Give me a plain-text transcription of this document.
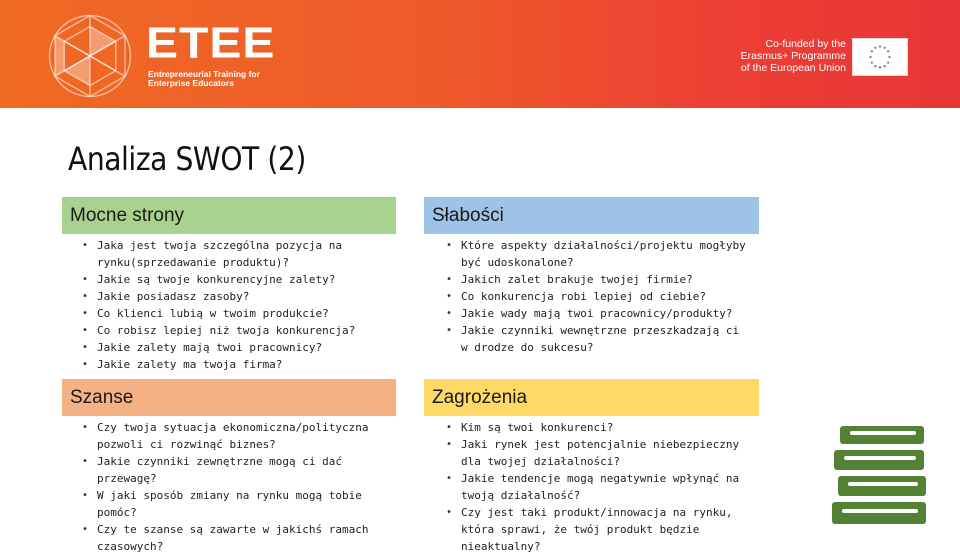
ETEE
Entrepreneurial Training for
Enterprise Educators
Co-funded by the
Erasmus+ Programme
of the European Union
Analiza SWOT (2)
Mocne strony
• Jaka jest twoja szczególna pozycja na rynku(sprzedawanie produktu)?
• Jakie są twoje konkurencyjne zalety?
• Jakie posiadasz zasoby?
• Co klienci lubią w twoim produkcie?
• Co robisz lepiej niż twoja konkurencja?
• Jakie zalety mają twoi pracownicy?
• Jakie zalety ma twoja firma?
Słabości
• Które aspekty działalności/projektu mogłyby być udoskonalone?
• Jakich zalet brakuje twojej firmie?
• Co konkurencja robi lepiej od ciebie?
• Jakie wady mają twoi pracownicy/produkty?
• Jakie czynniki wewnętrzne przeszkadzają ci w drodze do sukcesu?
Szanse
• Czy twoja sytuacja ekonomiczna/polityczna pozwoli ci rozwinąć biznes?
• Jakie czynniki zewnętrzne mogą ci dać przewagę?
• W jaki sposób zmiany na rynku mogą tobie pomóc?
• Czy te szanse są zawarte w jakichś ramach czasowych?
Zagrożenia
• Kim są twoi konkurenci?
• Jaki rynek jest potencjalnie niebezpieczny dla twojej działalności?
• Jakie tendencje mogą negatywnie wpłynąć na twoją działalność?
• Czy jest taki produkt/innowacja na rynku, która sprawi, że twój produkt będzie nieaktualny?
